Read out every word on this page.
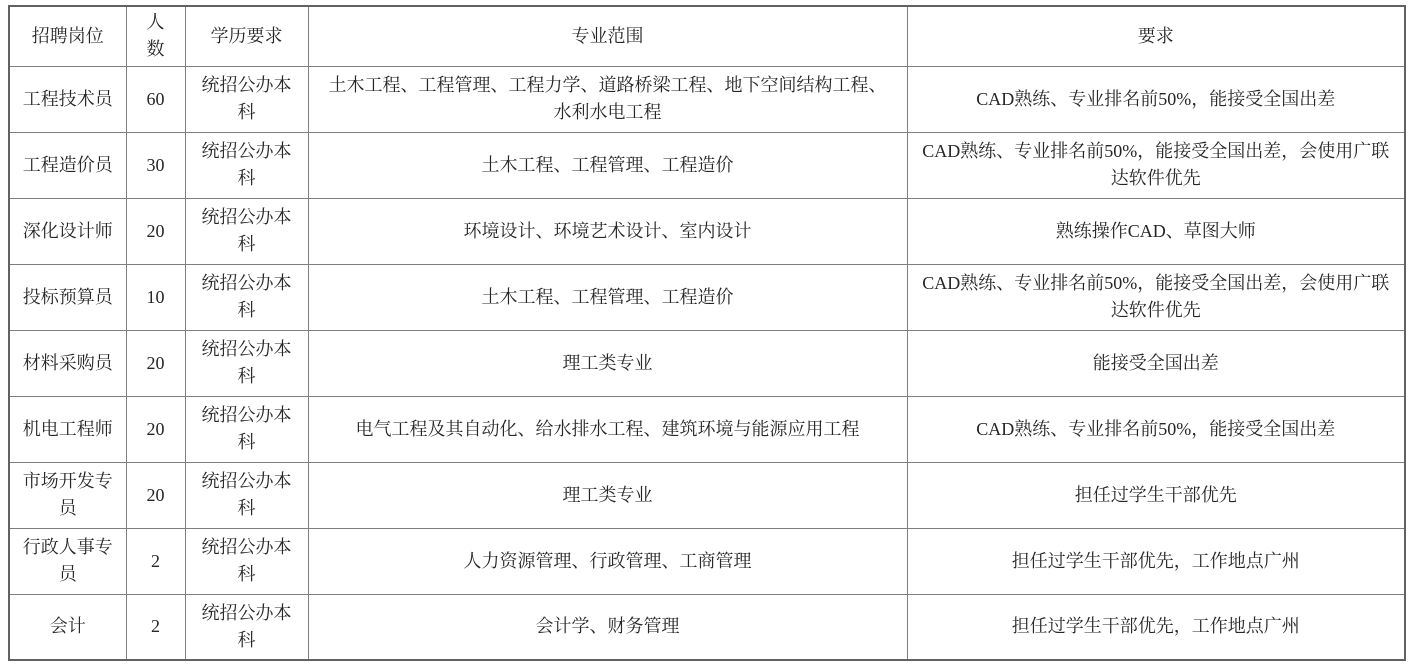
招聘岗位	人数	学历要求	专业范围	要求
工程技术员	60	统招公办本科	土木工程、工程管理、工程力学、道路桥梁工程、地下空间结构工程、水利水电工程	CAD熟练、专业排名前50%，能接受全国出差
工程造价员	30	统招公办本科	土木工程、工程管理、工程造价	CAD熟练、专业排名前50%，能接受全国出差，会使用广联达软件优先
深化设计师	20	统招公办本科	环境设计、环境艺术设计、室内设计	熟练操作CAD、草图大师
投标预算员	10	统招公办本科	土木工程、工程管理、工程造价	CAD熟练、专业排名前50%，能接受全国出差，会使用广联达软件优先
材料采购员	20	统招公办本科	理工类专业	能接受全国出差
机电工程师	20	统招公办本科	电气工程及其自动化、给水排水工程、建筑环境与能源应用工程	CAD熟练、专业排名前50%，能接受全国出差
市场开发专员	20	统招公办本科	理工类专业	担任过学生干部优先
行政人事专员	2	统招公办本科	人力资源管理、行政管理、工商管理	担任过学生干部优先，工作地点广州
会计	2	统招公办本科	会计学、财务管理	担任过学生干部优先，工作地点广州
